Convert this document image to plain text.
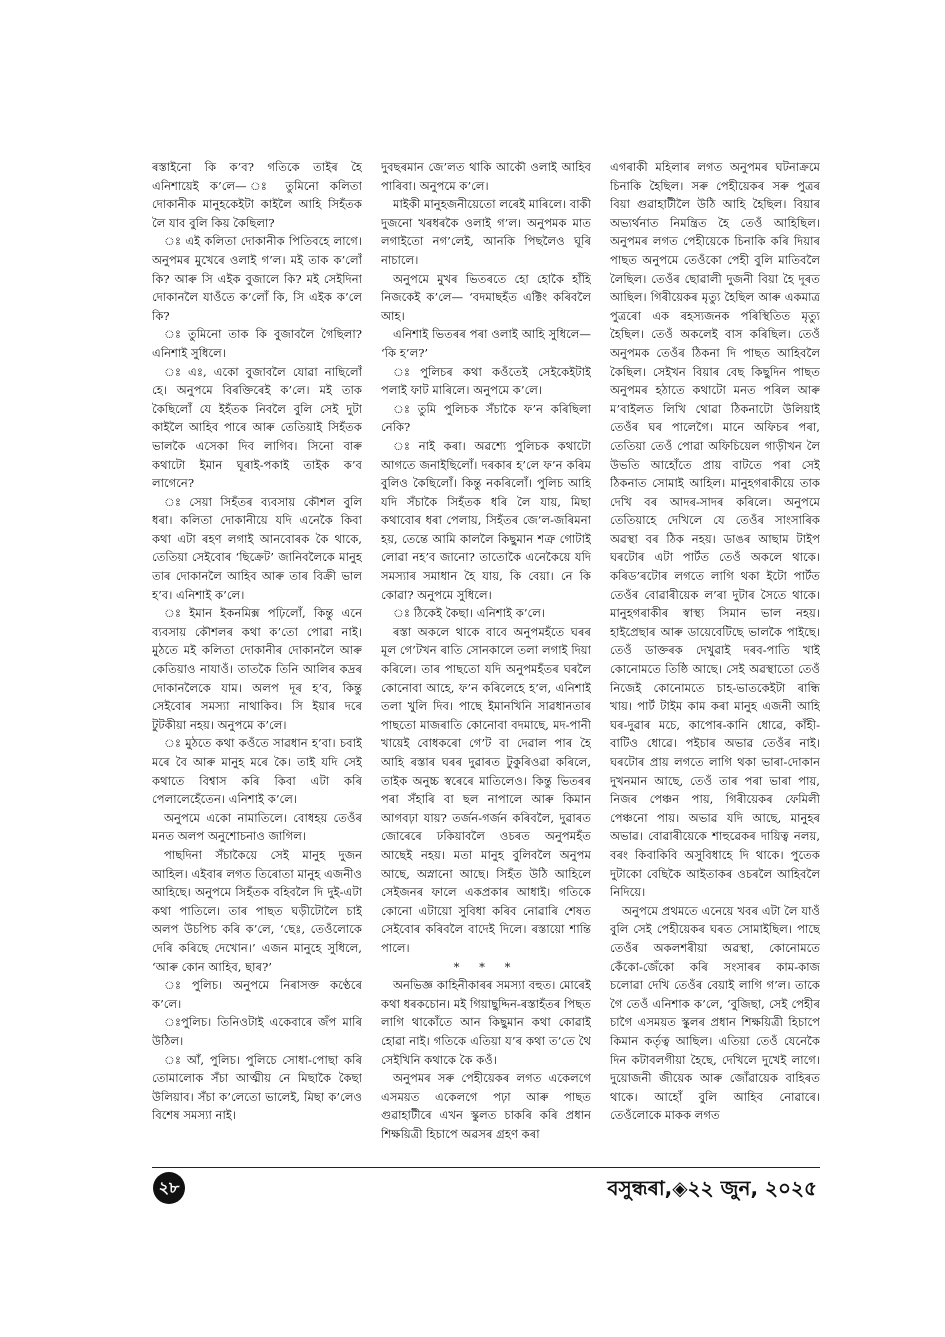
ৰস্তাইনো কি ক’ব? গতিকে তাইৰ হৈ এনিশায়েই ক’লে— ঃ তুমিনো কলিতা দোকানীক মানুহকেইটা কাইলৈ আহি সিহঁতক লৈ যাব বুলি কিয় কৈছিলা?

ঃ এই কলিতা দোকানীক পিতিবহে লাগে। অনুপমৰ মুখেৰে ওলাই গ’ল। মই তাক ক’লোঁ কি? আৰু সি এইক বুজালে কি? মই সেইদিনা দোকানলৈ যাওঁতে ক’লোঁ কি, সি এইক ক’লে কি?

ঃ তুমিনো তাক কি বুজাবলৈ গৈছিলা? এনিশাই সুধিলে।

ঃ এঃ, একো বুজাবলৈ যোৱা নাছিলোঁ হে। অনুপমে বিৰক্তিৰেই ক’লে। মই তাক কৈছিলোঁ যে ইহঁতক নিবলৈ বুলি সেই দুটা কাইলৈ আহিব পাৰে আৰু তেতিয়াই সিহঁতক ভালকৈ এসেকা দিব লাগিব। সিনো বাৰু কথাটো ইমান ঘূৰাই-পকাই তাইক ক’ব লাগেনে?

ঃ সেয়া সিহঁতৰ ব্যবসায় কৌশল বুলি ধৰা। কলিতা দোকানীয়ে যদি এনেকৈ কিবা কথা এটা ৰহণ লগাই আনবোৰক কৈ থাকে, তেতিয়া সেইবোৰ ‘ছিক্ৰেট’ জানিবলৈকে মানুহ তাৰ দোকানলৈ আহিব আৰু তাৰ বিক্ৰী ভাল হ’ব। এনিশাই ক’লে।

ঃ ইমান ইকনমিক্স পঢ়িলোঁ, কিন্তু এনে ব্যবসায় কৌশলৰ কথা ক’তো পোৱা নাই। মুঠতে মই কলিতা দোকানীৰ দোকানলৈ আৰু কেতিয়াও নাযাওঁ। তাতকৈ তিনি আলিৰ কদ্ৰৰ দোকানলৈকে যাম। অলপ দূৰ হ’ব, কিন্তু সেইবোৰ সমস্যা নাথাকিব। সি ইয়াৰ দৰে টুটকীয়া নহয়। অনুপমে ক’লে।

ঃ মুঠতে কথা কওঁতে সাৱধান হ’বা। চবাই মৰে বৈ আৰু মানুহ মৰে কৈ। তাই যদি সেই কথাতে বিশ্বাস কৰি কিবা এটা কৰি পেলালেহেঁতেন। এনিশাই ক’লে।

অনুপমে একো নামাতিলে। বোধহয় তেওঁৰ মনত অলপ অনুশোচনাও জাগিল।

পাছদিনা সঁচাকৈয়ে সেই মানুহ দুজন আহিল। এইবাৰ লগত তিৰোতা মানুহ এজনীও আহিছে। অনুপমে সিহঁতক বহিবলৈ দি দুই-এটা কথা পাতিলে। তাৰ পাছত ঘড়ীটোলৈ চাই অলপ উচপিচ কৰি ক’লে, ‘ছেঃ, তেওঁলোকে দেৰি কৰিছে দেখোন।’ এজন মানুহে সুধিলে, ‘আৰু কোন আহিব, ছাৰ?’

ঃ পুলিচ। অনুপমে নিৰাসক্ত কণ্ঠেৰে ক’লে।

ঃপুলিচ। তিনিওটাই একেবাৰে জঁপ মাৰি উঠিল।

ঃ আঁ, পুলিচ। পুলিচে সোধা-পোছা কৰি তোমালোক সঁচা আত্মীয় নে মিছাকৈ কৈছা উলিয়াব। সঁচা ক’লেতো ভালেই, মিছা ক’লেও বিশেষ সমস্যা নাই।

দুবছৰমান জে’লত থাকি আকৌ ওলাই আহিব পাৰিবা। অনুপমে ক’লে।

মাইকী মানুহজনীয়েতো লৰেই মাৰিলে। বাকী দুজনো খৰধৰকৈ ওলাই গ’ল। অনুপমক মাত লগাইতো নগ’লেই, আনকি পিছলৈও ঘূৰি নাচালে।

অনুপমে মুখৰ ভিতৰতে হো হোকৈ হাঁহি নিজকেই ক’লে— ‘বদমাছহঁত এক্টিং কৰিবলৈ আহ।

এনিশাই ভিতৰৰ পৰা ওলাই আহি সুধিলে— ‘কি হ’ল?’

ঃ পুলিচৰ কথা কওঁতেই সেইকেইটাই পলাই ফাট মাৰিলে। অনুপমে ক’লে।

ঃ তুমি পুলিচক সঁচাকৈ ফ’ন কৰিছিলা নেকি?

ঃ নাই কৰা। অৱশ্যে পুলিচক কথাটো আগতে জনাইছিলোঁ। দৰকাৰ হ’লে ফ’ন কৰিম বুলিও কৈছিলোঁ। কিন্তু নকৰিলোঁ। পুলিচ আহি যদি সঁচাকৈ সিহঁতক ধৰি লৈ যায়, মিছা কথাবোৰ ধৰা পেলায়, সিহঁতৰ জে’ল-জৰিমনা হয়, তেন্তে আমি কাললৈ কিছুমান শত্ৰু গোটাই লোৱা নহ’ব জানো? তাতোকৈ এনেকৈয়ে যদি সমস্যাৰ সমাধান হৈ যায়, কি বেয়া। নে কি কোৱা? অনুপমে সুধিলে।

ঃ ঠিকেই কৈছা। এনিশাই ক’লে।

ৰস্তা অকলে থাকে বাবে অনুপমহঁতে ঘৰৰ মূল গে’টখন ৰাতি সোনকালে তলা লগাই দিয়া কৰিলে। তাৰ পাছতো যদি অনুপমহঁতৰ ঘৰলৈ কোনোবা আহে, ফ’ন কৰিলেহে হ’ল, এনিশাই তলা খুলি দিব। পাছে ইমানখিনি সাৱধানতাৰ পাছতো মাজৰাতি কোনোবা বদমাছে, মদ-পানী খায়েই বোধকৰো গে’ট বা দেৱাল পাৰ হৈ আহি ৰস্তাৰ ঘৰৰ দুৱাৰত টুকুৰিওৱা কৰিলে, তাইক অনুচ্চ স্বৰেৰে মাতিলেও। কিন্তু ভিতৰৰ পৰা সঁহাৰি বা ছল নাপালে আৰু কিমান আগবঢ়া যায়? তৰ্জন-গৰ্জন কৰিবলৈ, দুৱাৰত জোৰেৰে ঢকিয়াবলৈ ওচৰত অনুপমহঁত আছেই নহয়। মতা মানুহ বুলিবলৈ অনুপম আছে, অস্নানো আছে। সিহঁত উঠি আহিলে সেইজনৰ ফালে একপ্ৰকাৰ আধাই। গতিকে কোনো এটায়ো সুবিধা কৰিব নোৱাৰি শেষত সেইবোৰ কৰিবলৈ বাদেই দিলে। ৰস্তায়ো শান্তি পালে।

* * *

অনভিজ্ঞ কাহিনীকাৰৰ সমস্যা বহুত। মোৰেই কথা ধৰকচোন। মই গিয়াছুদ্দিন-ৰস্তাহঁতৰ পিছত লাগি থাকোঁতে আন কিছুমান কথা কোৱাই হোৱা নাই। গতিকে এতিয়া য’ৰ কথা ত’তে থৈ সেইখিনি কথাকে কৈ কওঁ।

অনুপমৰ সৰু পেহীয়েকৰ লগত একেলগে এসময়ত একেলগে পঢ়া আৰু পাছত গুৱাহাটীৰে এখন স্কুলত চাকৰি কৰি প্ৰধান শিক্ষয়িত্ৰী হিচাপে অৱসৰ গ্ৰহণ কৰা

এগৰাকী মহিলাৰ লগত অনুপমৰ ঘটনাক্ৰমে চিনাকি হৈছিল। সৰু পেহীয়েকৰ সৰু পুত্ৰৰ বিয়া গুৱাহাটীলৈ উঠি আহি হৈছিল। বিয়াৰ অভ্যৰ্থনাত নিমন্ত্ৰিত হৈ তেওঁ আহিছিল। অনুপমৰ লগত পেহীয়েকে চিনাকি কৰি দিয়াৰ পাছত অনুপমে তেওঁকো পেহী বুলি মাতিবলৈ লৈছিল। তেওঁৰ ছোৱালী দুজনী বিয়া হৈ দূৰত আছিল। গিৰীয়েকৰ মৃত্যু হৈছিল আৰু একমাত্ৰ পুত্ৰৰো এক ৰহস্যজনক পৰিস্থিতিত মৃত্যু হৈছিল। তেওঁ অকলেই বাস কৰিছিল। তেওঁ অনুপমক তেওঁৰ ঠিকনা দি পাছত আহিবলৈ কৈছিল। সেইখন বিয়াৰ বেছ কিছুদিন পাছত অনুপমৰ হঠাতে কথাটো মনত পৰিল আৰু ম’বাইলত লিখি থোৱা ঠিকনাটো উলিয়াই তেওঁৰ ঘৰ পালেগৈ। মানে অফিচৰ পৰা, তেতিয়া তেওঁ পোৱা অফিচিয়েল গাড়ীখন লৈ উভতি আহোঁতে প্ৰায় বাটতে পৰা সেই ঠিকনাত সোমাই আহিল। মানুহগৰাকীয়ে তাক দেখি বৰ আদৰ-সাদৰ কৰিলে। অনুপমে তেতিয়াহে দেখিলে যে তেওঁৰ সাংসাৰিক অৱস্থা বৰ ঠিক নহয়। ডাঙৰ আছাম টাইপ ঘৰটোৰ এটা পাৰ্টত তেওঁ অকলে থাকে। কৰিড’ৰটোৰ লগতে লাগি থকা ইটো পাৰ্টত তেওঁৰ বোৱাৰীয়েক ল’ৰা দুটাৰ সৈতে থাকে। মানুহগৰাকীৰ স্বাস্থ্য সিমান ভাল নহয়। হাইপ্ৰেছাৰ আৰু ডায়েবেটিছে ভালকৈ পাইছে। তেওঁ ডাক্তৰক দেখুৱাই দৰব-পাতি খাই কোনোমতে তিষ্ঠি আছে। সেই অৱস্থাতো তেওঁ নিজেই কোনোমতে চাহ-ভাতকেইটা ৰান্ধি খায়। পাৰ্ট টাইম কাম কৰা মানুহ এজনী আহি ঘৰ-দুৱাৰ মচে, কাপোৰ-কানি ধোৱে, কাঁহী-বাটিও ধোৱে। পইচাৰ অভাৱ তেওঁৰ নাই। ঘৰটোৰ প্ৰায় লগতে লাগি থকা ভাৰা-দোকান দুখনমান আছে, তেওঁ তাৰ পৰা ভাৰা পায়, নিজৰ পেঞ্চন পায়, গিৰীয়েকৰ ফেমিলী পেঞ্চনো পায়। অভাৱ যদি আছে, মানুহৰ অভাৱ। বোৱাৰীয়েকে শাহুৱেকৰ দায়িত্ব নলয়, বৰং কিবাকিবি অসুবিধাহে দি থাকে। পুতেক দুটাকো বেছিকৈ আইতাকৰ ওচৰলৈ আহিবলৈ নিদিয়ে।

অনুপমে প্ৰথমতে এনেয়ে খবৰ এটা লৈ যাওঁ বুলি সেই পেহীয়েকৰ ঘৰত সোমাইছিল। পাছে তেওঁৰ অকলশৰীয়া অৱস্থা, কোনোমতে কেঁকো-জেঁকো কৰি সংসাৰৰ কাম-কাজ চলোৱা দেখি তেওঁৰ বেয়াই লাগি গ’ল। তাকে গৈ তেওঁ এনিশাক ক’লে, ‘বুজিছা, সেই পেহীৰ চাগৈ এসময়ত স্কুলৰ প্ৰধান শিক্ষয়িত্ৰী হিচাপে কিমান কৰ্তৃত্ব আছিল। এতিয়া তেওঁ যেনেকৈ দিন কটাবলগীয়া হৈছে, দেখিলে দুখেই লাগে। দুয়োজনী জীয়েক আৰু জোঁৱায়েক বাহিৰত থাকে। আহোঁ বুলি আহিব নোৱাৰে। তেওঁলোকে মাকক লগত

২৮	বসুন্ধৰা,◈২২ জুন, ২০২৫
